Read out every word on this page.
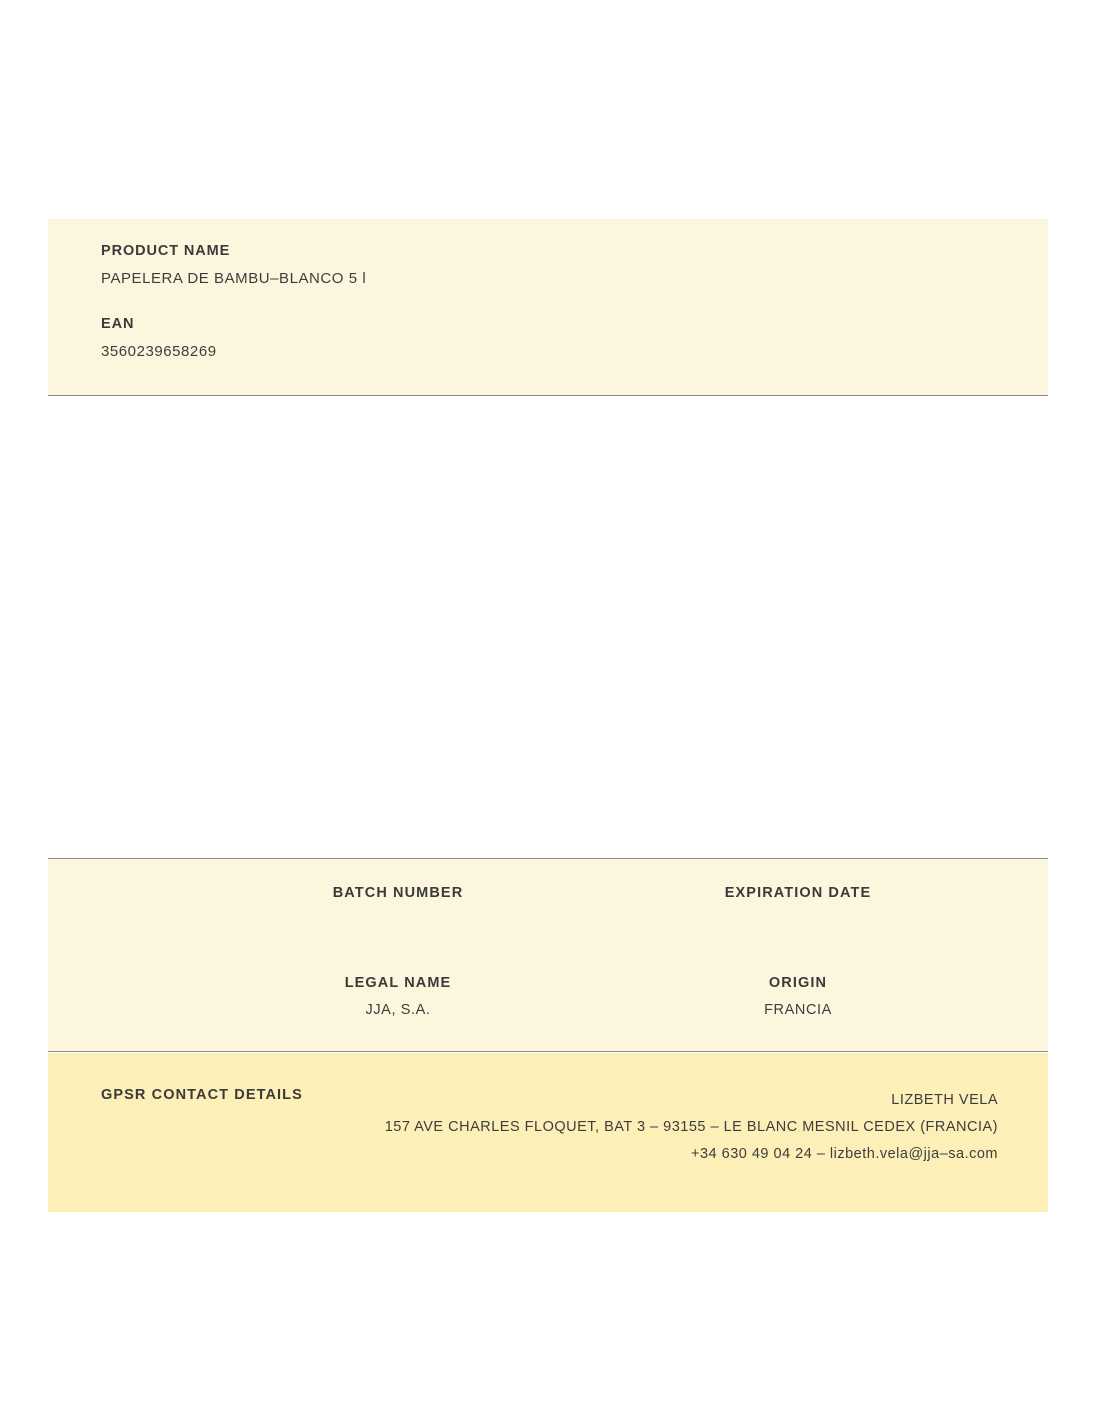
PRODUCT NAME
PAPELERA DE BAMBU–BLANCO 5 l
EAN
3560239658269
BATCH NUMBER	EXPIRATION DATE
LEGAL NAME
JJA, S.A.
ORIGIN
FRANCIA
GPSR CONTACT DETAILS	LIZBETH VELA
157 AVE CHARLES FLOQUET, BAT 3 – 93155 – LE BLANC MESNIL CEDEX (FRANCIA)
+34 630 49 04 24 – lizbeth.vela@jja–sa.com
